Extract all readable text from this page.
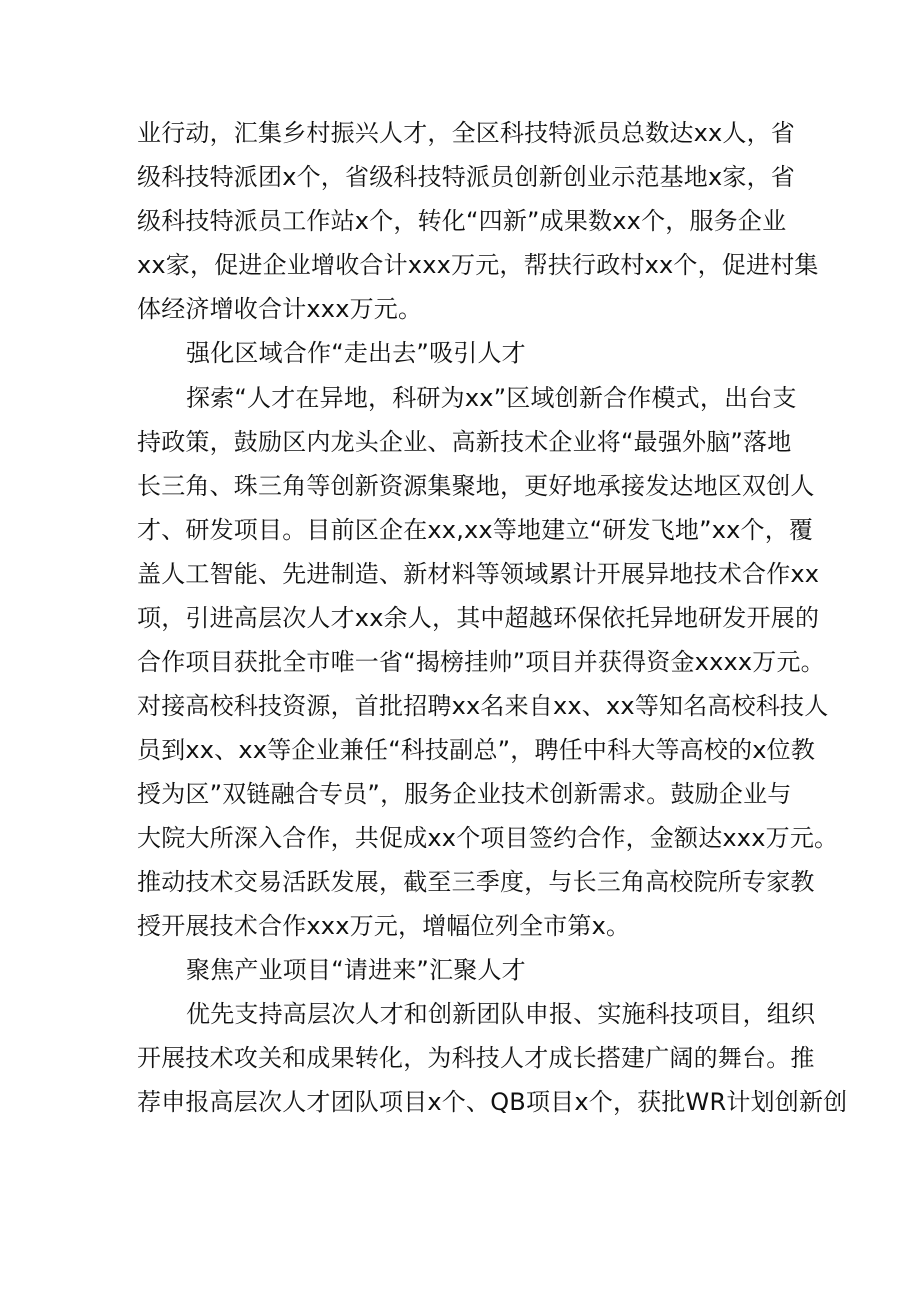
业行动，汇集乡村振兴人才，全区科技特派员总数达xx人，省
级科技特派团x个，省级科技特派员创新创业示范基地x家，省
级科技特派员工作站x个，转化“四新”成果数xx个，服务企业
xx家，促进企业增收合计xxx万元，帮扶行政村xx个，促进村集
体经济增收合计xxx万元。
强化区域合作“走出去”吸引人才
探索“人才在异地，科研为xx”区域创新合作模式，出台支
持政策，鼓励区内龙头企业、高新技术企业将“最强外脑”落地
长三角、珠三角等创新资源集聚地，更好地承接发达地区双创人
才、研发项目。目前区企在xx,xx等地建立“研发飞地”xx个，覆
盖人工智能、先进制造、新材料等领域累计开展异地技术合作xx
项，引进高层次人才xx余人，其中超越环保依托异地研发开展的
合作项目获批全市唯一省“揭榜挂帅”项目并获得资金xxxx万元。
对接高校科技资源，首批招聘xx名来自xx、xx等知名高校科技人
员到xx、xx等企业兼任“科技副总”，聘任中科大等高校的x位教
授为区”双链融合专员”，服务企业技术创新需求。鼓励企业与
大院大所深入合作，共促成xx个项目签约合作，金额达xxx万元。
推动技术交易活跃发展，截至三季度，与长三角高校院所专家教
授开展技术合作xxx万元，增幅位列全市第x。
聚焦产业项目“请进来”汇聚人才
优先支持高层次人才和创新团队申报、实施科技项目，组织
开展技术攻关和成果转化，为科技人才成长搭建广阔的舞台。推
荐申报高层次人才团队项目x个、QB项目x个，获批WR计划创新创
